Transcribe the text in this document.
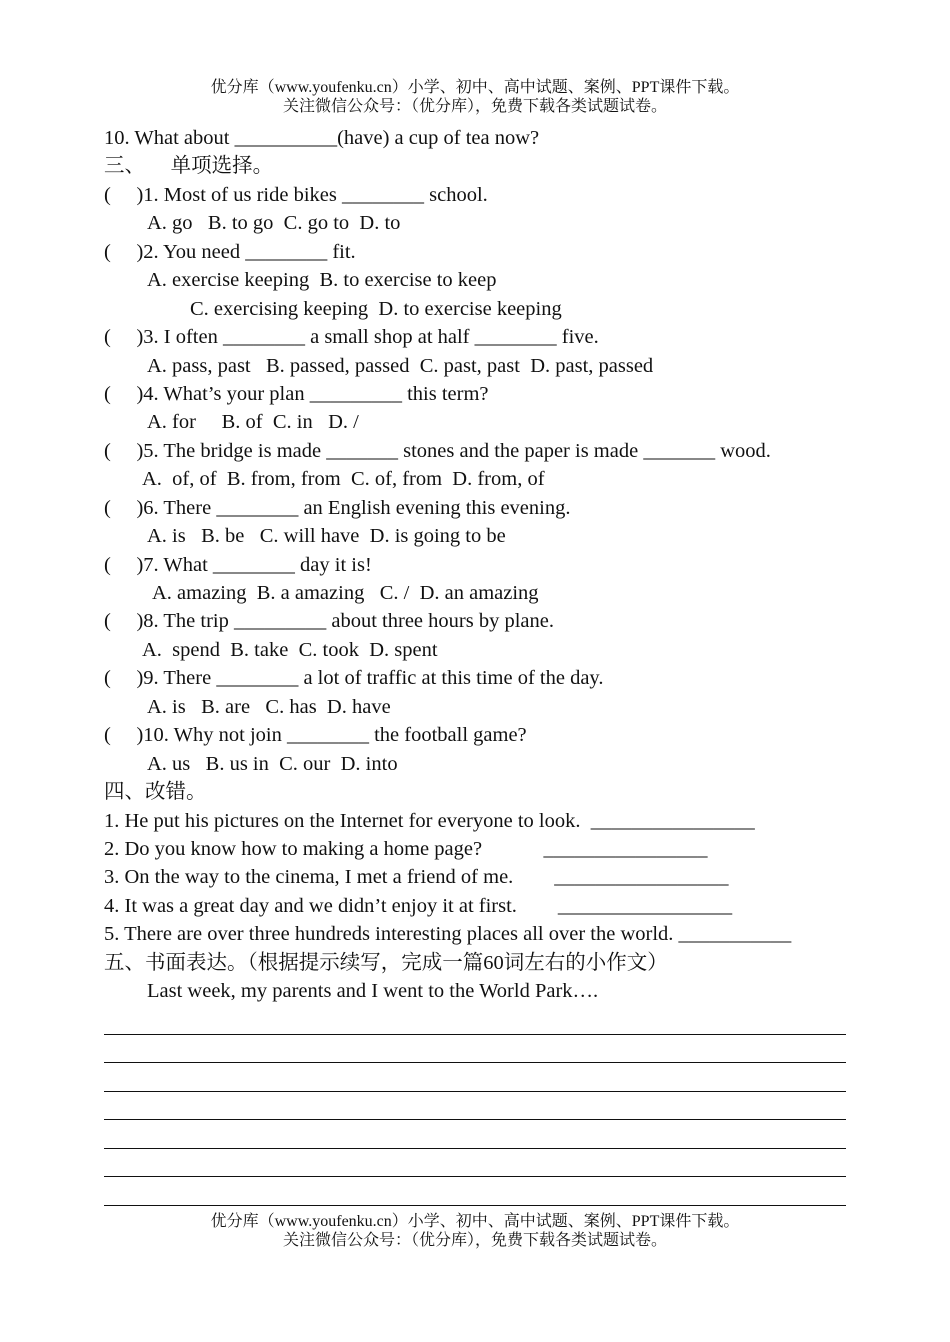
优分库（www.youfenku.cn）小学、初中、高中试题、案例、PPT课件下载。
关注微信公众号：（优分库），免费下载各类试题试卷。
10. What about __________(have) a cup of tea now?
三、     单项选择。
(     )1. Most of us ride bikes ________ school.
A. go   B. to go  C. go to  D. to
(     )2. You need ________ fit.
A. exercise keeping  B. to exercise to keep
C. exercising keeping  D. to exercise keeping
(     )3. I often ________ a small shop at half ________ five.
A. pass, past   B. passed, passed  C. past, past  D. past, passed
(     )4. What’s your plan _________ this term?
A. for     B. of  C. in   D. /
(     )5. The bridge is made _______ stones and the paper is made _______ wood.
A.  of, of  B. from, from  C. of, from  D. from, of
(     )6. There ________ an English evening this evening.
A. is   B. be   C. will have  D. is going to be
(     )7. What ________ day it is!
A. amazing  B. a amazing   C. /  D. an amazing
(     )8. The trip _________ about three hours by plane.
A.  spend  B. take  C. took  D. spent
(     )9. There ________ a lot of traffic at this time of the day.
A. is   B. are   C. has  D. have
(     )10. Why not join ________ the football game?
A. us   B. us in  C. our  D. into
四、改错。
1. He put his pictures on the Internet for everyone to look.  ________________
2. Do you know how to making a home page?            ________________
3. On the way to the cinema, I met a friend of me.        _________________
4. It was a great day and we didn’t enjoy it at first.        _________________
5. There are over three hundreds interesting places all over the world. ___________
五、书面表达。（根据提示续写，完成一篇60词左右的小作文）
Last week, my parents and I went to the World Park….
优分库（www.youfenku.cn）小学、初中、高中试题、案例、PPT课件下载。
关注微信公众号：（优分库），免费下载各类试题试卷。
